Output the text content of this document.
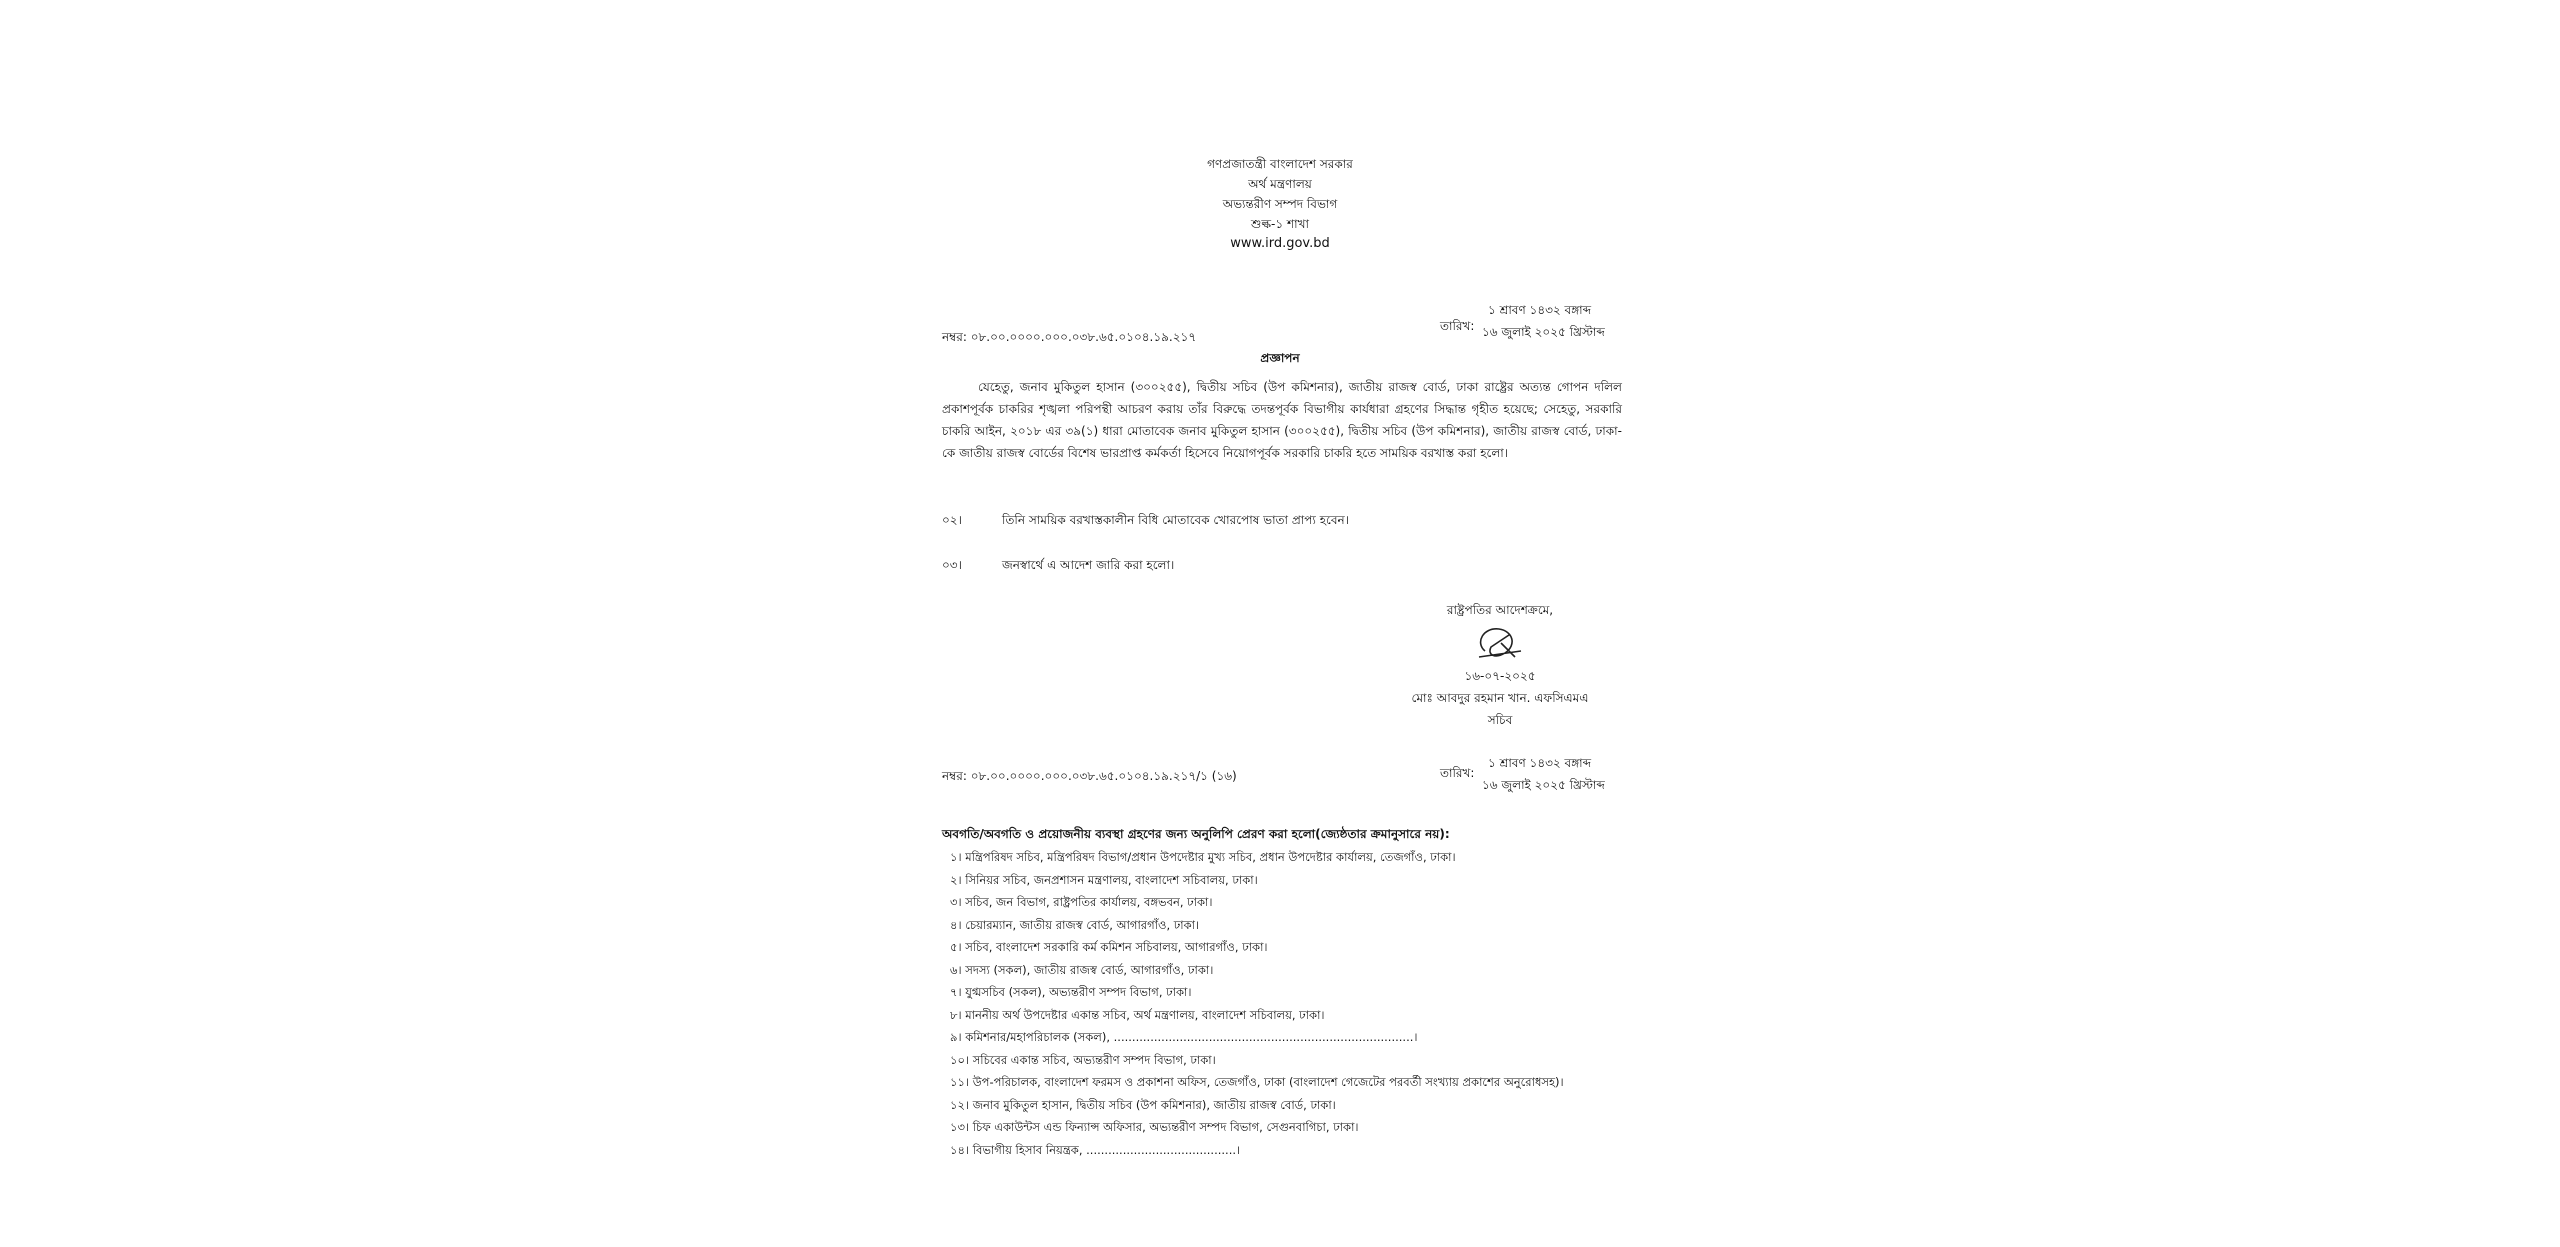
গণপ্রজাতন্ত্রী বাংলাদেশ সরকার
অর্থ মন্ত্রণালয়
অভ্যন্তরীণ সম্পদ বিভাগ
শুল্ক-১ শাখা
www.ird.gov.bd
তারিখ:
১ শ্রাবণ ১৪৩২ বঙ্গাব্দ
১৬ জুলাই ২০২৫ খ্রিস্টাব্দ
নম্বর: ০৮.০০.০০০০.০০০.০৩৮.৬৫.০১০৪.১৯.২১৭
প্রজ্ঞাপন
যেহেতু, জনাব মুকিতুল হাসান (৩০০২৫৫), দ্বিতীয় সচিব (উপ কমিশনার), জাতীয় রাজস্ব বোর্ড, ঢাকা রাষ্ট্রের অত্যন্ত গোপন দলিল প্রকাশপূর্বক চাকরির শৃঙ্খলা পরিপন্থী আচরণ করায় তাঁর বিরুদ্ধে তদন্তপূর্বক বিভাগীয় কার্যধারা গ্রহণের সিদ্ধান্ত গৃহীত হয়েছে; সেহেতু, সরকারি চাকরি আইন, ২০১৮ এর ৩৯(১) ধারা মোতাবেক জনাব মুকিতুল হাসান (৩০০২৫৫), দ্বিতীয় সচিব (উপ কমিশনার), জাতীয় রাজস্ব বোর্ড, ঢাকা-কে জাতীয় রাজস্ব বোর্ডের বিশেষ ভারপ্রাপ্ত কর্মকর্তা হিসেবে নিয়োগপূর্বক সরকারি চাকরি হতে সাময়িক বরখাস্ত করা হলো।
০২।	তিনি সাময়িক বরখাস্তকালীন বিধি মোতাবেক খোরপোষ ভাতা প্রাপ্য হবেন।
০৩।	জনস্বার্থে এ আদেশ জারি করা হলো।
রাষ্ট্রপতির আদেশক্রমে,
১৬-০৭-২০২৫
মোঃ আবদুর রহমান খান. এফসিএমএ
সচিব
তারিখ:
১ শ্রাবণ ১৪৩২ বঙ্গাব্দ
১৬ জুলাই ২০২৫ খ্রিস্টাব্দ
নম্বর: ০৮.০০.০০০০.০০০.০৩৮.৬৫.০১০৪.১৯.২১৭/১ (১৬)
অবগতি/অবগতি ও প্রয়োজনীয় ব্যবস্থা গ্রহণের জন্য অনুলিপি প্রেরণ করা হলো(জ্যেষ্ঠতার ক্রমানুসারে নয়):
১। মন্ত্রিপরিষদ সচিব, মন্ত্রিপরিষদ বিভাগ/প্রধান উপদেষ্টার মুখ্য সচিব, প্রধান উপদেষ্টার কার্যালয়, তেজগাঁও, ঢাকা।
২। সিনিয়র সচিব, জনপ্রশাসন মন্ত্রণালয়, বাংলাদেশ সচিবালয়, ঢাকা।
৩। সচিব, জন বিভাগ, রাষ্ট্রপতির কার্যালয়, বঙ্গভবন, ঢাকা।
৪। চেয়ারম্যান, জাতীয় রাজস্ব বোর্ড, আগারগাঁও, ঢাকা।
৫। সচিব, বাংলাদেশ সরকারি কর্ম কমিশন সচিবালয়, আগারগাঁও, ঢাকা।
৬। সদস্য (সকল), জাতীয় রাজস্ব বোর্ড, আগারগাঁও, ঢাকা।
৭। যুগ্মসচিব (সকল), অভ্যন্তরীণ সম্পদ বিভাগ, ঢাকা।
৮। মাননীয় অর্থ উপদেষ্টার একান্ত সচিব, অর্থ মন্ত্রণালয়, বাংলাদেশ সচিবালয়, ঢাকা।
৯। কমিশনার/মহাপরিচালক (সকল), ..................................................................................।
১০। সচিবের একান্ত সচিব, অভ্যন্তরীণ সম্পদ বিভাগ, ঢাকা।
১১। উপ-পরিচালক, বাংলাদেশ ফরমস ও প্রকাশনা অফিস, তেজগাঁও, ঢাকা (বাংলাদেশ গেজেটের পরবর্তী সংখ্যায় প্রকাশের অনুরোধসহ)।
১২। জনাব মুকিতুল হাসান, দ্বিতীয় সচিব (উপ কমিশনার), জাতীয় রাজস্ব বোর্ড, ঢাকা।
১৩। চিফ একাউন্টস এন্ড ফিন্যান্স অফিসার, অভ্যন্তরীণ সম্পদ বিভাগ, সেগুনবাগিচা, ঢাকা।
১৪। বিভাগীয় হিসাব নিয়ন্ত্রক, .........................................।
